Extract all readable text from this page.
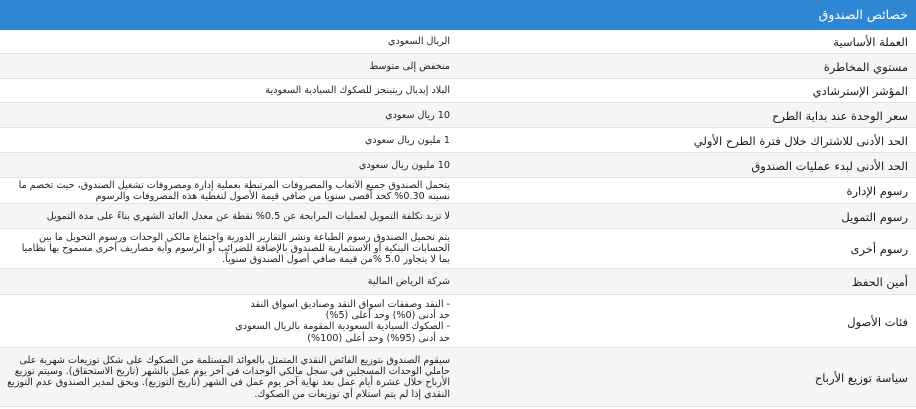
خصائص الصندوق
العملة الأساسية
الريال السعودي
مستوي المخاطرة
منخفض إلى متوسط
المؤشر الإسترشادي
البلاد إيديال ريتينجز للصكوك السيادية السعودية
سعر الوحدة عند بداية الطرح
10 ريال سعودي
الحد الأدنى للاشتراك خلال فترة الطرح الأولي
1 مليون ريال سعودي
الحد الأدنى لبدء عمليات الصندوق
10 مليون ريال سعودي
رسوم الإدارة
يتحمل الصندوق جميع الأتعاب والمصروفات المرتبطة بعملية إدارة ومصروفات تشغيل الصندوق، حيث تخصم ما
نسبته 0.30% كحد أقصى سنويا من صافي قيمة الأصول لتغطية هذه المصروفات والرسوم
رسوم التمويل
لا تزيد تكلفة التمويل لعمليات المرابحة عن 0.5% نقطة عن معدل العائد الشهري بناءً على مدة التمويل
رسوم أخرى
يتم تحميل الصندوق رسوم الطباعة ونشر التقارير الدورية واجتماع مالكي الوحدات ورسوم التحويل ما بين
الحسابات البنكية أو الاستثمارية للصندوق بالإضافة للضرائب أو الرسوم وأية مصاريف أخرى مسموح بها نظاميا
بما لا يتجاوز 5.0 %من قيمة صافي أصول الصندوق سنوياً.
أمين الحفظ
شركة الرياض المالية
فئات الأصول
- النقد وصفقات أسواق النقد وصناديق أسواق النقد
حد أدنى (0%) وحد أعلى (5%)
- الصكوك السيادية السعودية المقومة بالريال السعودي
حد أدنى (95%) وحد أعلى (100%)
سياسة توزيع الأرباح
سيقوم الصندوق بتوزيع الفائض النقدي المتمثل بالعوائد المستلمة من الصكوك على شكل توزيعات شهرية على
حاملي الوحدات المسجلين في سجل مالكي الوحدات في آخر يوم عمل بالشهر (تاريخ الاستحقاق). وسيتم توزيع
الأرباح خلال عشرة أيام عمل بعد نهاية آخر يوم عمل في الشهر (تاريخ التوزيع). ويحق لمدير الصندوق عدم التوزيع
النقدي إذا لم يتم استلام أي توزيعات من الصكوك.
